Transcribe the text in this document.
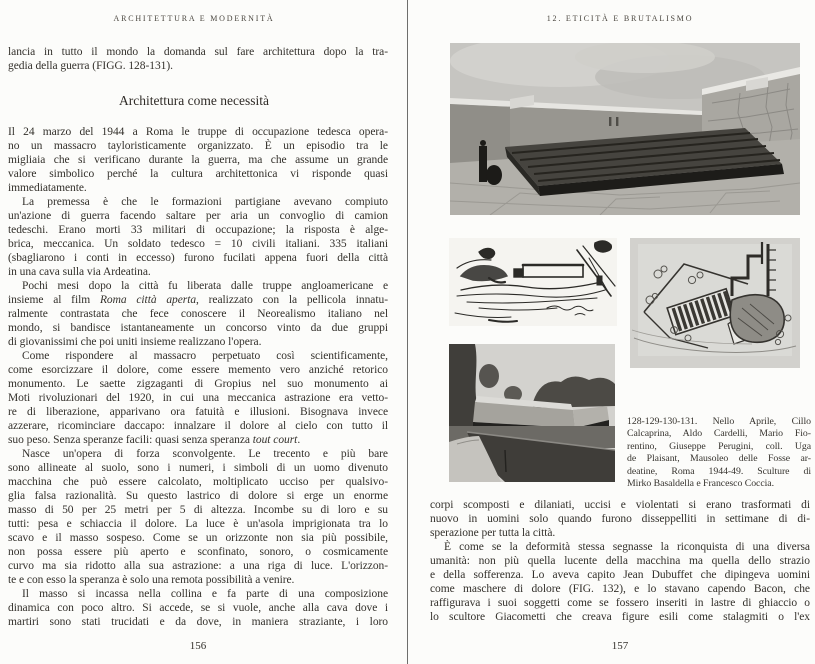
ARCHITETTURA E MODERNITÀ
lancia in tutto il mondo la domanda sul fare architettura dopo la tra-
gedia della guerra (FIGG. 128-131).
Architettura come necessità
Il 24 marzo del 1944 a Roma le truppe di occupazione tedesca opera-
no un massacro tayloristicamente organizzato. È un episodio tra le
migliaia che si verificano durante la guerra, ma che assume un grande
valore simbolico perché la cultura architettonica vi risponde quasi
immediatamente.
La premessa è che le formazioni partigiane avevano compiuto
un'azione di guerra facendo saltare per aria un convoglio di camion
tedeschi. Erano morti 33 militari di occupazione; la risposta è alge-
brica, meccanica. Un soldato tedesco = 10 civili italiani. 335 italiani
(sbagliarono i conti in eccesso) furono fucilati appena fuori della città
in una cava sulla via Ardeatina.
Pochi mesi dopo la città fu liberata dalle truppe angloamericane e
insieme al film Roma città aperta, realizzato con la pellicola innatu-
ralmente contrastata che fece conoscere il Neorealismo italiano nel
mondo, si bandisce istantaneamente un concorso vinto da due gruppi
di giovanissimi che poi uniti insieme realizzano l'opera.
Come rispondere al massacro perpetuato così scientificamente,
come esorcizzare il dolore, come essere memento vero anziché retorico
monumento. Le saette zigzaganti di Gropius nel suo monumento ai
Moti rivoluzionari del 1920, in cui una meccanica astrazione era vetto-
re di liberazione, apparivano ora fatuità e illusioni. Bisognava invece
azzerare, ricominciare daccapo: innalzare il dolore al cielo con tutto il
suo peso. Senza speranze facili: quasi senza speranza tout court.
Nasce un'opera di forza sconvolgente. Le trecento e più bare
sono allineate al suolo, sono i numeri, i simboli di un uomo divenuto
macchina che può essere calcolato, moltiplicato ucciso per qualsivo-
glia falsa razionalità. Su questo lastrico di dolore si erge un enorme
masso di 50 per 25 metri per 5 di altezza. Incombe su di loro e su
tutti: pesa e schiaccia il dolore. La luce è un'asola imprigionata tra lo
scavo e il masso sospeso. Come se un orizzonte non sia più possibile,
non possa essere più aperto e sconfinato, sonoro, o cosmicamente
curvo ma sia ridotto alla sua astrazione: a una riga di luce. L'orizzon-
te e con esso la speranza è solo una remota possibilità a venire.
Il masso si incassa nella collina e fa parte di una composizione
dinamica con poco altro. Si accede, se si vuole, anche alla cava dove i
martiri sono stati trucidati e da dove, in maniera straziante, i loro
156
12. ETICITÀ E BRUTALISMO
128-129-130-131. Nello Aprile, Cillo
Calcaprina, Aldo Cardelli, Mario Fio-
rentino, Giuseppe Perugini, coll. Uga
de Plaisant, Mausoleo delle Fosse ar-
deatine, Roma 1944-49. Sculture di
Mirko Basaldella e Francesco Coccia.
corpi scomposti e dilaniati, uccisi e violentati si erano trasformati di
nuovo in uomini solo quando furono disseppelliti in settimane di di-
sperazione per tutta la città.
È come se la deformità stessa segnasse la riconquista di una diversa
umanità: non più quella lucente della macchina ma quella dello strazio
e della sofferenza. Lo aveva capito Jean Dubuffet che dipingeva uomini
come maschere di dolore (FIG. 132), e lo stavano capendo Bacon, che
raffigurava i suoi soggetti come se fossero inseriti in lastre di ghiaccio o
lo scultore Giacometti che creava figure esili come stalagmiti o l'ex
157
